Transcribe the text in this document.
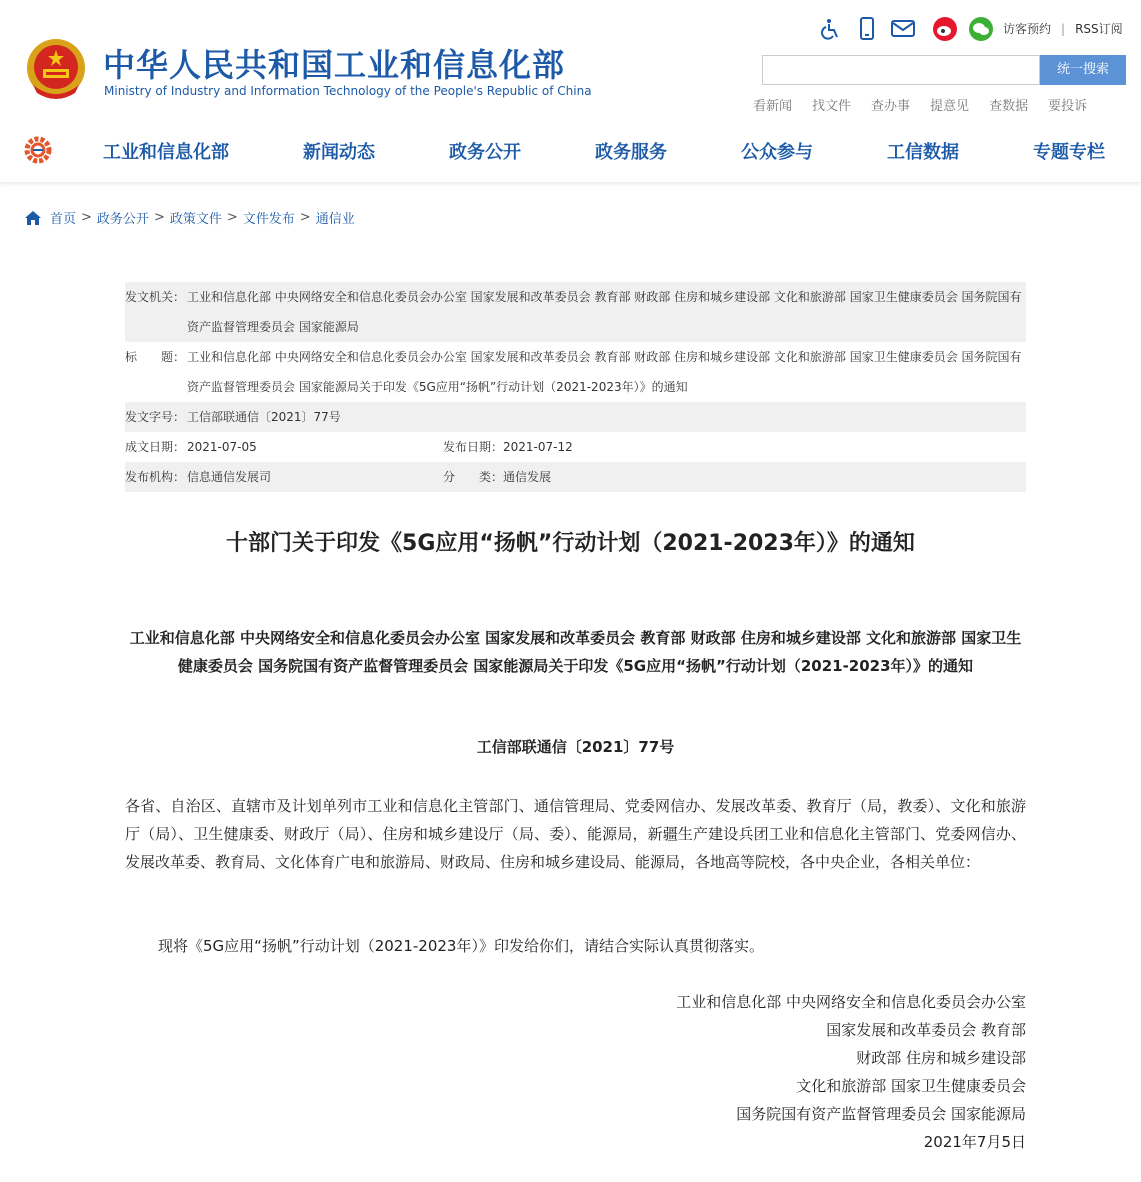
中华人民共和国工业和信息化部
Ministry of Industry and Information Technology of the People's Republic of China
访客预约 | RSS订阅
统一搜索
看新闻 找文件 查办事 提意见 查数据 要投诉
工业和信息化部	新闻动态	政务公开	政务服务	公众参与	工信数据	专题专栏
首页 > 政务公开 > 政策文件 > 文件发布 > 通信业
发文机关： 工业和信息化部 中央网络安全和信息化委员会办公室 国家发展和改革委员会 教育部 财政部 住房和城乡建设部 文化和旅游部 国家卫生健康委员会 国务院国有资产监督管理委员会 国家能源局
标　　题： 工业和信息化部 中央网络安全和信息化委员会办公室 国家发展和改革委员会 教育部 财政部 住房和城乡建设部 文化和旅游部 国家卫生健康委员会 国务院国有资产监督管理委员会 国家能源局关于印发《5G应用“扬帆”行动计划（2021-2023年）》的通知
发文字号： 工信部联通信〔2021〕77号
成文日期： 2021-07-05	发布日期：2021-07-12
发布机构： 信息通信发展司	分　　类：通信发展
十部门关于印发《5G应用“扬帆”行动计划（2021-2023年）》的通知
工业和信息化部 中央网络安全和信息化委员会办公室 国家发展和改革委员会 教育部 财政部 住房和城乡建设部 文化和旅游部 国家卫生健康委员会 国务院国有资产监督管理委员会 国家能源局关于印发《5G应用“扬帆”行动计划（2021-2023年）》的通知
工信部联通信〔2021〕77号
各省、自治区、直辖市及计划单列市工业和信息化主管部门、通信管理局、党委网信办、发展改革委、教育厅（局，教委）、文化和旅游厅（局）、卫生健康委、财政厅（局）、住房和城乡建设厅（局、委）、能源局，新疆生产建设兵团工业和信息化主管部门、党委网信办、发展改革委、教育局、文化体育广电和旅游局、财政局、住房和城乡建设局、能源局，各地高等院校，各中央企业，各相关单位：
现将《5G应用“扬帆”行动计划（2021-2023年）》印发给你们，请结合实际认真贯彻落实。
工业和信息化部 中央网络安全和信息化委员会办公室
国家发展和改革委员会 教育部
财政部 住房和城乡建设部
文化和旅游部 国家卫生健康委员会
国务院国有资产监督管理委员会 国家能源局
2021年7月5日
